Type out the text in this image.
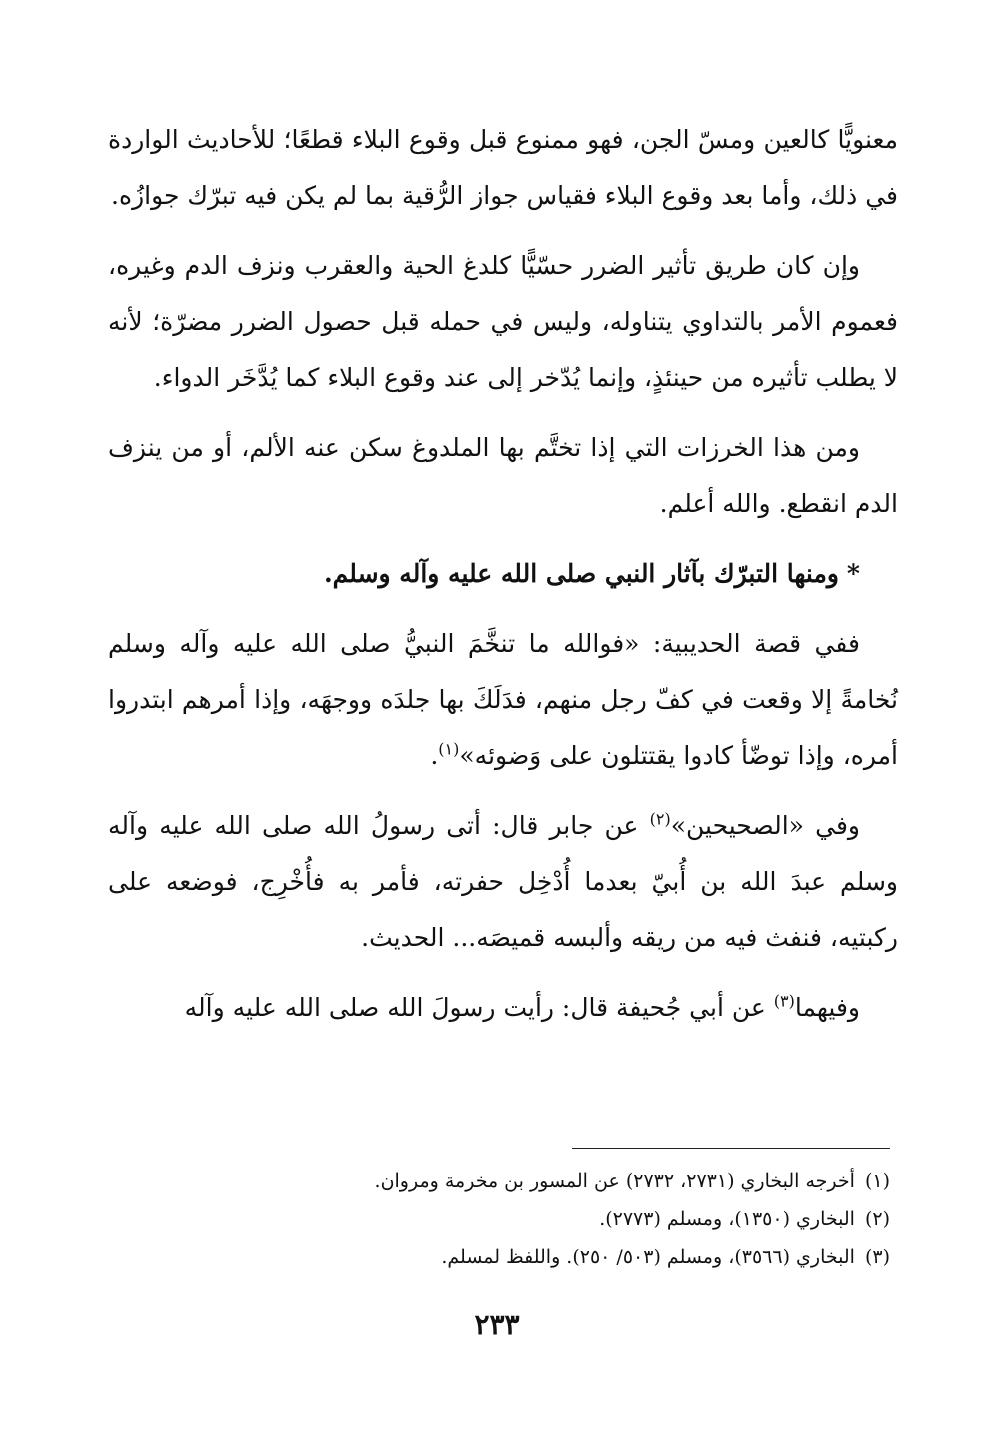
معنويًّا كالعين ومسّ الجن، فهو ممنوع قبل وقوع البلاء قطعًا؛ للأحاديث الواردة في ذلك، وأما بعد وقوع البلاء فقياس جواز الرُّقية بما لم يكن فيه تبرّك جوازُه.

وإن كان طريق تأثير الضرر حسّيًّا كلدغ الحية والعقرب ونزف الدم وغيره، فعموم الأمر بالتداوي يتناوله، وليس في حمله قبل حصول الضرر مضرّة؛ لأنه لا يطلب تأثيره من حينئذٍ، وإنما يُدّخر إلى عند وقوع البلاء كما يُدَّخَر الدواء.

ومن هذا الخرزات التي إذا تختَّم بها الملدوغ سكن عنه الألم، أو من ينزف الدم انقطع. والله أعلم.

*ومنها التبرّك بآثار النبي صلى الله عليه وآله وسلم.

ففي قصة الحديبية: «فوالله ما تنخَّمَ النبيُّ صلى الله عليه وآله وسلم نُخامةً إلا وقعت في كفّ رجل منهم، فدَلَكَ بها جلدَه ووجهَه، وإذا أمرهم ابتدروا أمره، وإذا توضّأ كادوا يقتتلون على وَضوئه»$^{(١)}$.

وفي «الصحيحين»$^{(٢)}$ عن جابر قال: أتى رسولُ الله صلى الله عليه وآله وسلم عبدَ الله بن أُبيّ بعدما أُدْخِل حفرته، فأمر به فأُخْرِج، فوضعه على ركبتيه، فنفث فيه من ريقه وألبسه قميصَه... الحديث.

وفيهما$^{(٣)}$ عن أبي جُحيفة قال: رأيت رسولَ الله صلى الله عليه وآله

(١)أخرجه البخاري (٢٧٣١، ٢٧٣٢) عن المسور بن مخرمة ومروان.

(٢)البخاري (١٣٥٠)، ومسلم (٢٧٧٣).

(٣)البخاري (٣٥٦٦)، ومسلم (٥٠٣/ ٢٥٠). واللفظ لمسلم.

٢٣٣
